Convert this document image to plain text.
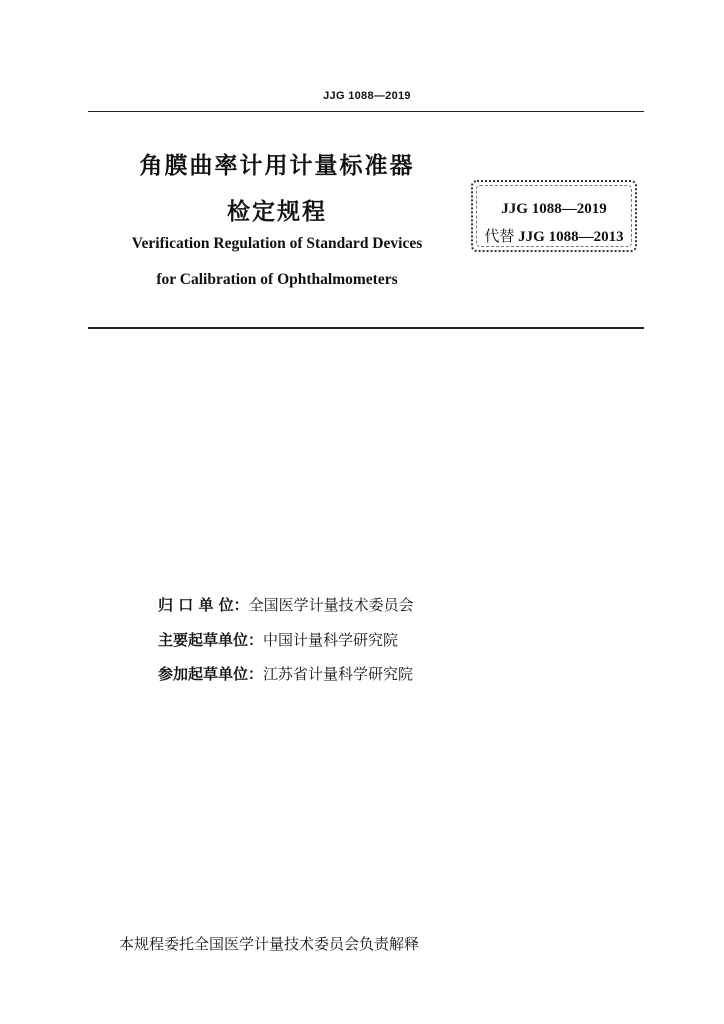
JJG 1088—2019
角膜曲率计用计量标准器
检定规程
Verification Regulation of Standard Devices
for Calibration of Ophthalmometers
JJG 1088—2019
代替 JJG 1088—2013
归 口 单 位：全国医学计量技术委员会
主要起草单位：中国计量科学研究院
参加起草单位：江苏省计量科学研究院
本规程委托全国医学计量技术委员会负责解释
